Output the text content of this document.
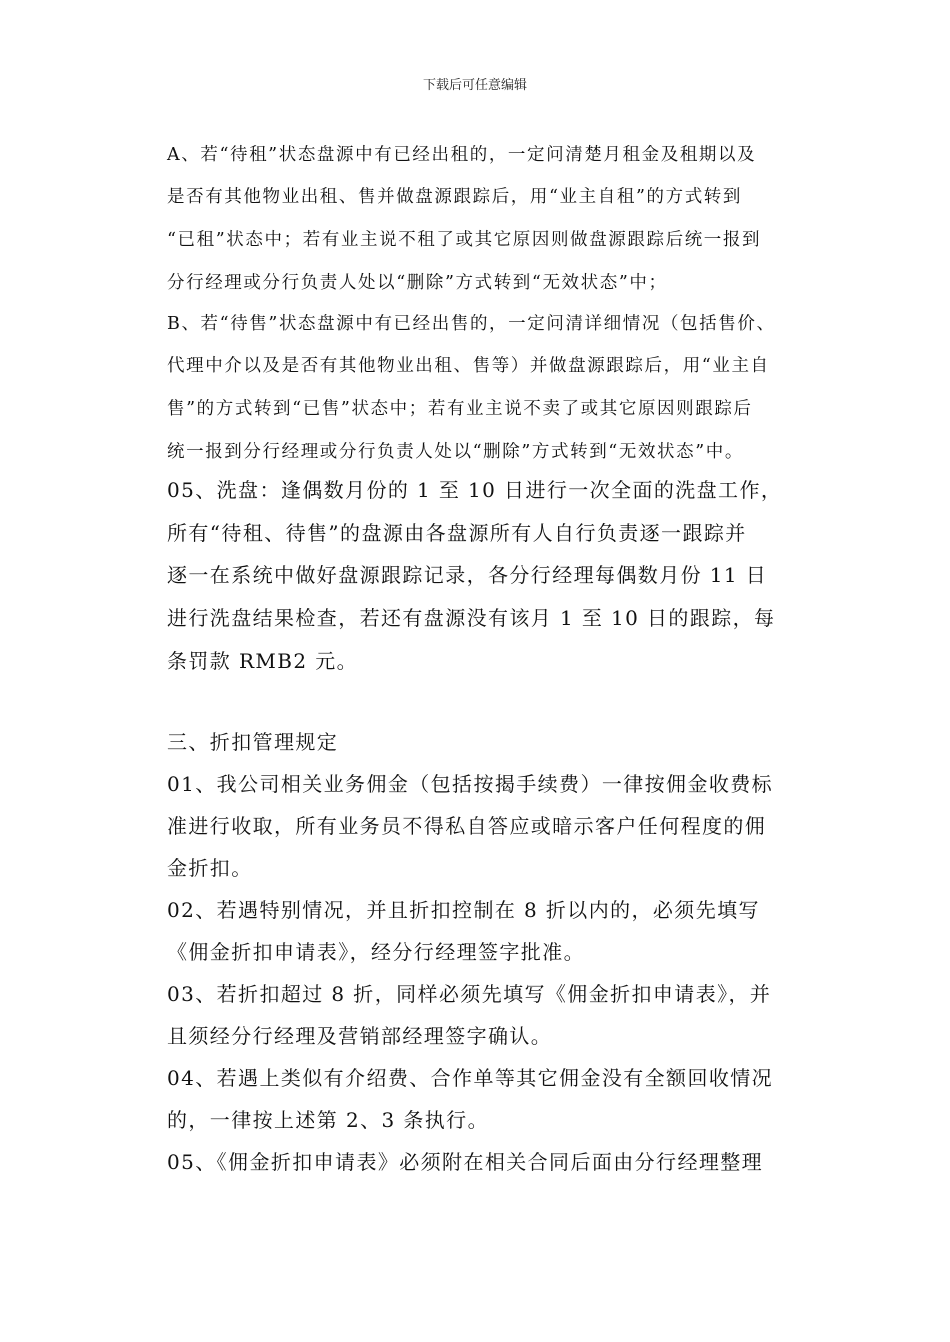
下载后可任意编辑
A、若“待租”状态盘源中有已经出租的，一定问清楚月租金及租期以及
是否有其他物业出租、售并做盘源跟踪后，用“业主自租”的方式转到
“已租”状态中；若有业主说不租了或其它原因则做盘源跟踪后统一报到
分行经理或分行负责人处以“删除”方式转到“无效状态”中；
B、若“待售”状态盘源中有已经出售的，一定问清详细情况（包括售价、
代理中介以及是否有其他物业出租、售等）并做盘源跟踪后，用“业主自
售”的方式转到“已售”状态中；若有业主说不卖了或其它原因则跟踪后
统一报到分行经理或分行负责人处以“删除”方式转到“无效状态”中。
05、洗盘：逢偶数月份的 1 至 10 日进行一次全面的洗盘工作，
所有“待租、待售”的盘源由各盘源所有人自行负责逐一跟踪并
逐一在系统中做好盘源跟踪记录，各分行经理每偶数月份 11 日
进行洗盘结果检查，若还有盘源没有该月 1 至 10 日的跟踪，每
条罚款 RMB2 元。
三、折扣管理规定
01、我公司相关业务佣金（包括按揭手续费）一律按佣金收费标
准进行收取，所有业务员不得私自答应或暗示客户任何程度的佣
金折扣。
02、若遇特别情况，并且折扣控制在 8 折以内的，必须先填写
《佣金折扣申请表》，经分行经理签字批准。
03、若折扣超过 8 折，同样必须先填写《佣金折扣申请表》，并
且须经分行经理及营销部经理签字确认。
04、若遇上类似有介绍费、合作单等其它佣金没有全额回收情况
的，一律按上述第 2、3 条执行。
05、《佣金折扣申请表》必须附在相关合同后面由分行经理整理
